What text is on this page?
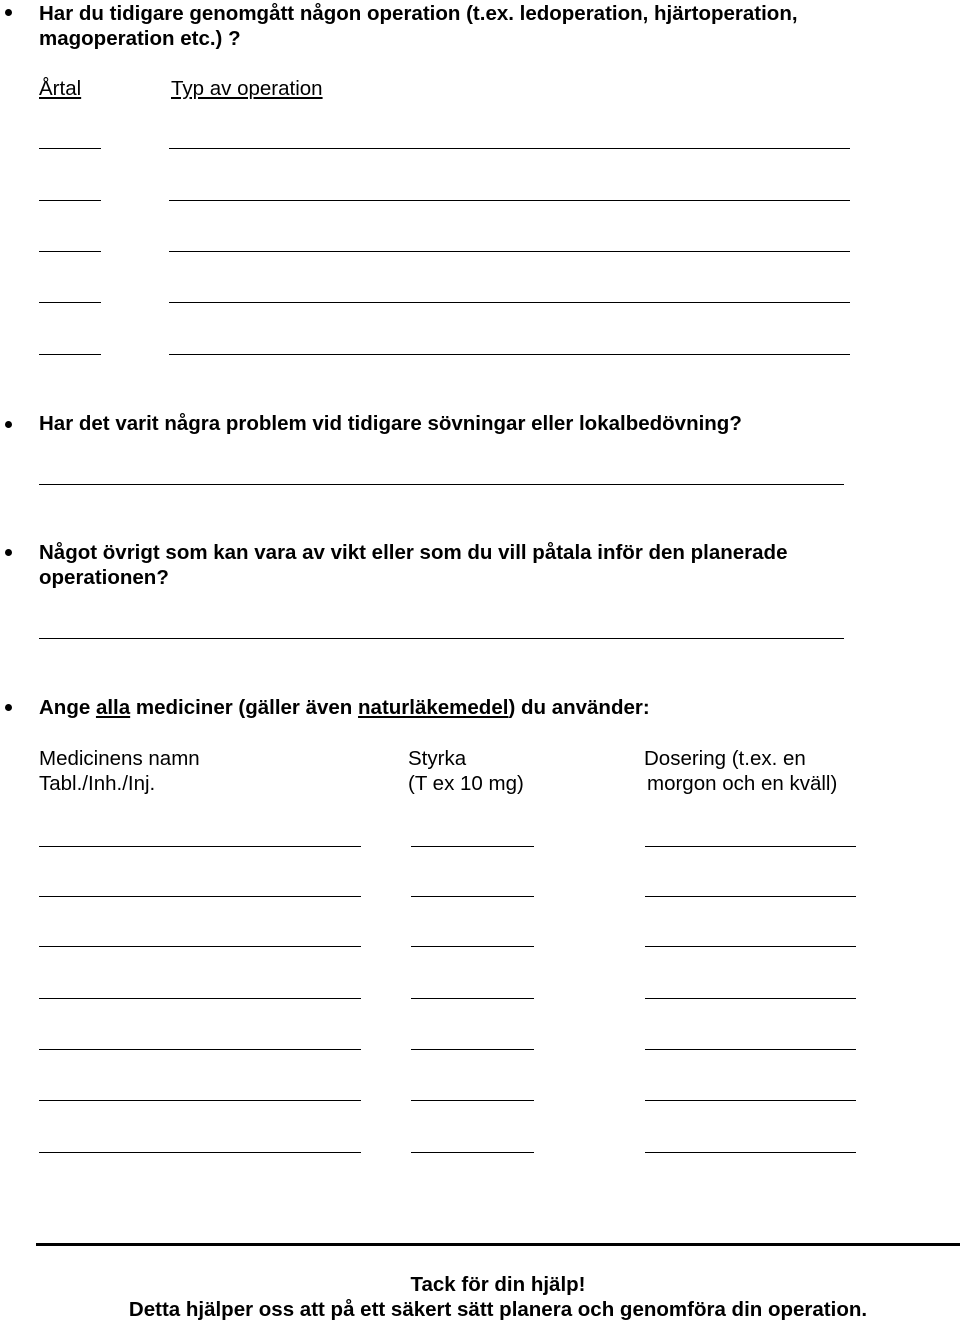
Har du tidigare genomgått någon operation (t.ex. ledoperation, hjärtoperation,
magoperation etc.) ?
Årtal	Typ av operation
Har det varit några problem vid tidigare sövningar eller lokalbedövning?
Något övrigt som kan vara av vikt eller som du vill påtala inför den planerade
operationen?
Ange alla mediciner (gäller även naturläkemedel) du använder:
Medicinens namn
Tabl./Inh./Inj.
Styrka
(T ex 10 mg)
Dosering (t.ex. en
morgon och en kväll)
Tack för din hjälp!
Detta hjälper oss att på ett säkert sätt planera och genomföra din operation.
